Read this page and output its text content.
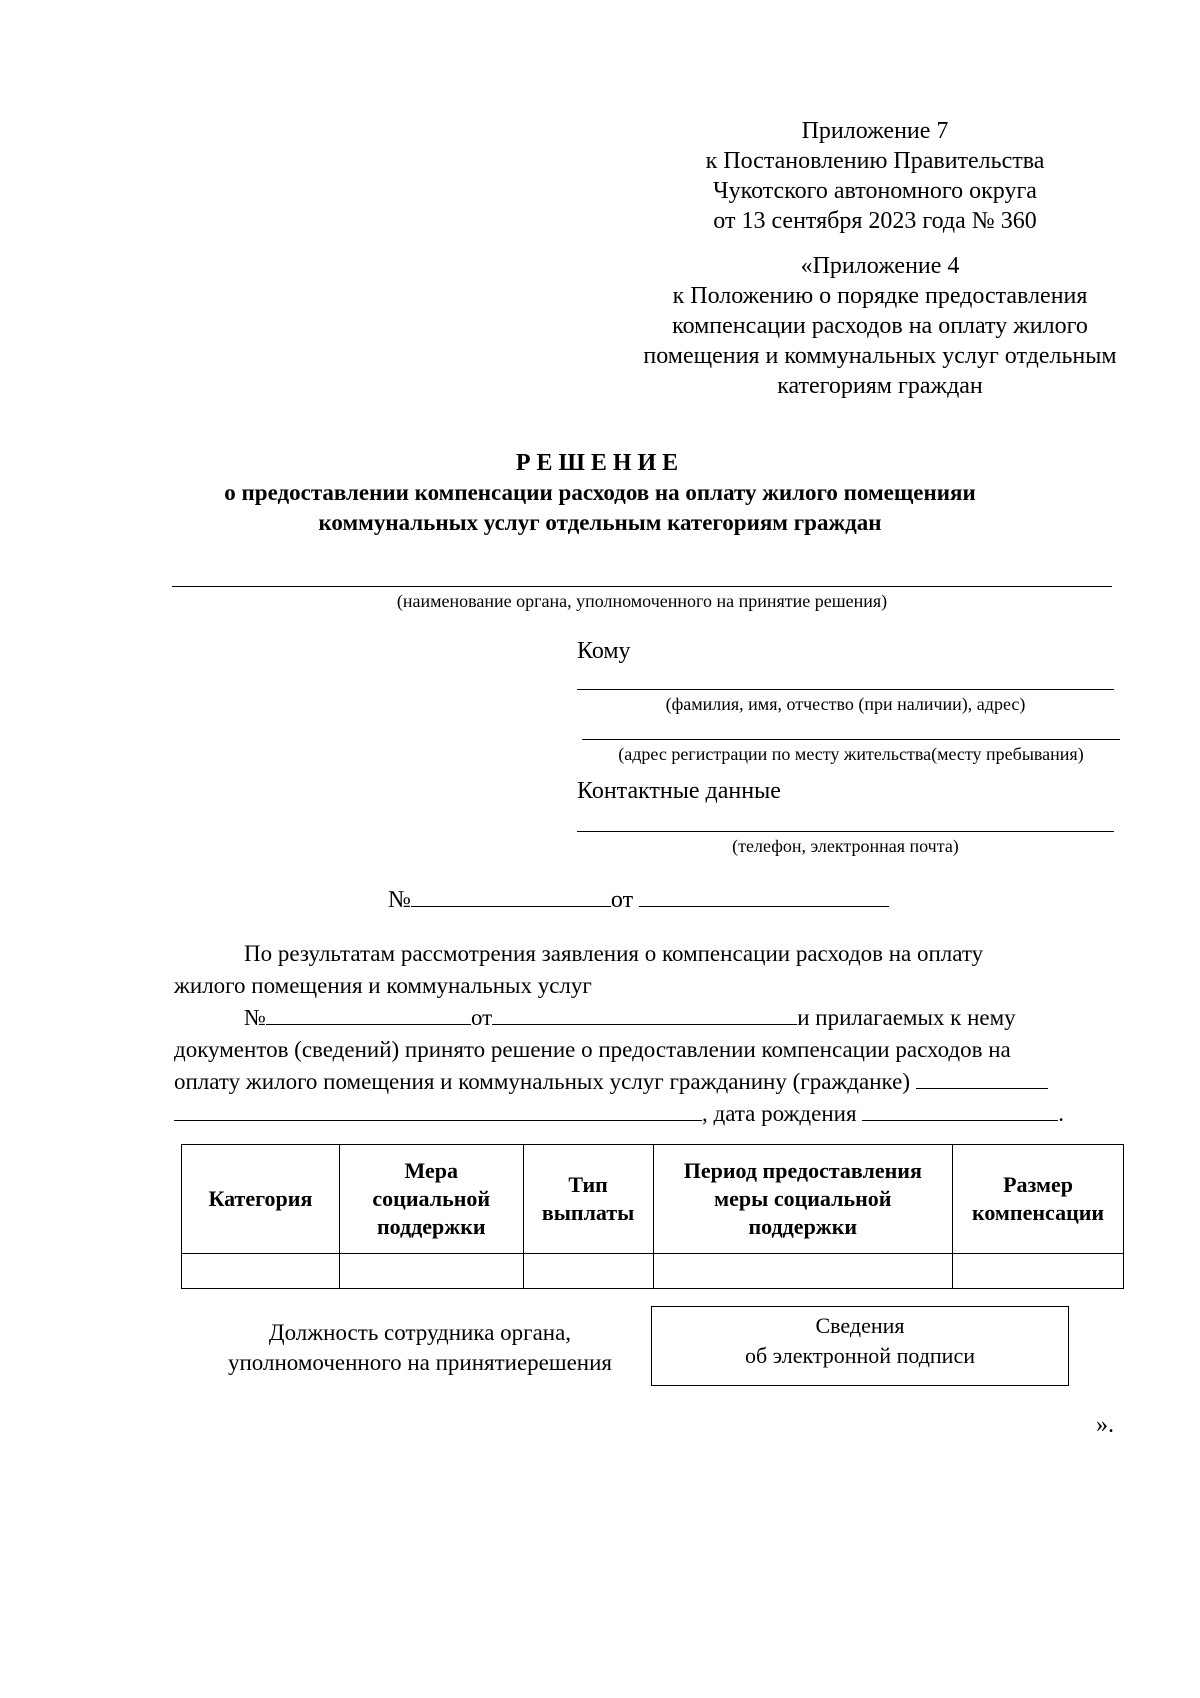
Приложение 7
к Постановлению Правительства
Чукотского автономного округа
от 13 сентября 2023 года № 360
«Приложение 4
к Положению о порядке предоставления
компенсации расходов на оплату жилого
помещения и коммунальных услуг отдельным
категориям граждан
РЕШЕНИЕ
о предоставлении компенсации расходов на оплату жилого помещенияи
коммунальных услуг отдельным категориям граждан
(наименование органа, уполномоченного на принятие решения)
Кому
(фамилия, имя, отчество (при наличии), адрес)
(адрес регистрации по месту жительства(месту пребывания)
Контактные данные
(телефон, электронная почта)
№	от
По результатам рассмотрения заявления о компенсации расходов на оплату
жилого помещения и коммунальных услуг
№	от	и прилагаемых к нему
документов (сведений) принято решение о предоставлении компенсации расходов на
оплату жилого помещения и коммунальных услуг гражданину (гражданке)
, дата рождения	.
Категория	Мера социальной поддержки	Тип выплаты	Период предоставления меры социальной поддержки	Размер компенсации

Должность сотрудника органа,
уполномоченного на принятиерешения
Сведения
об электронной подписи
».
